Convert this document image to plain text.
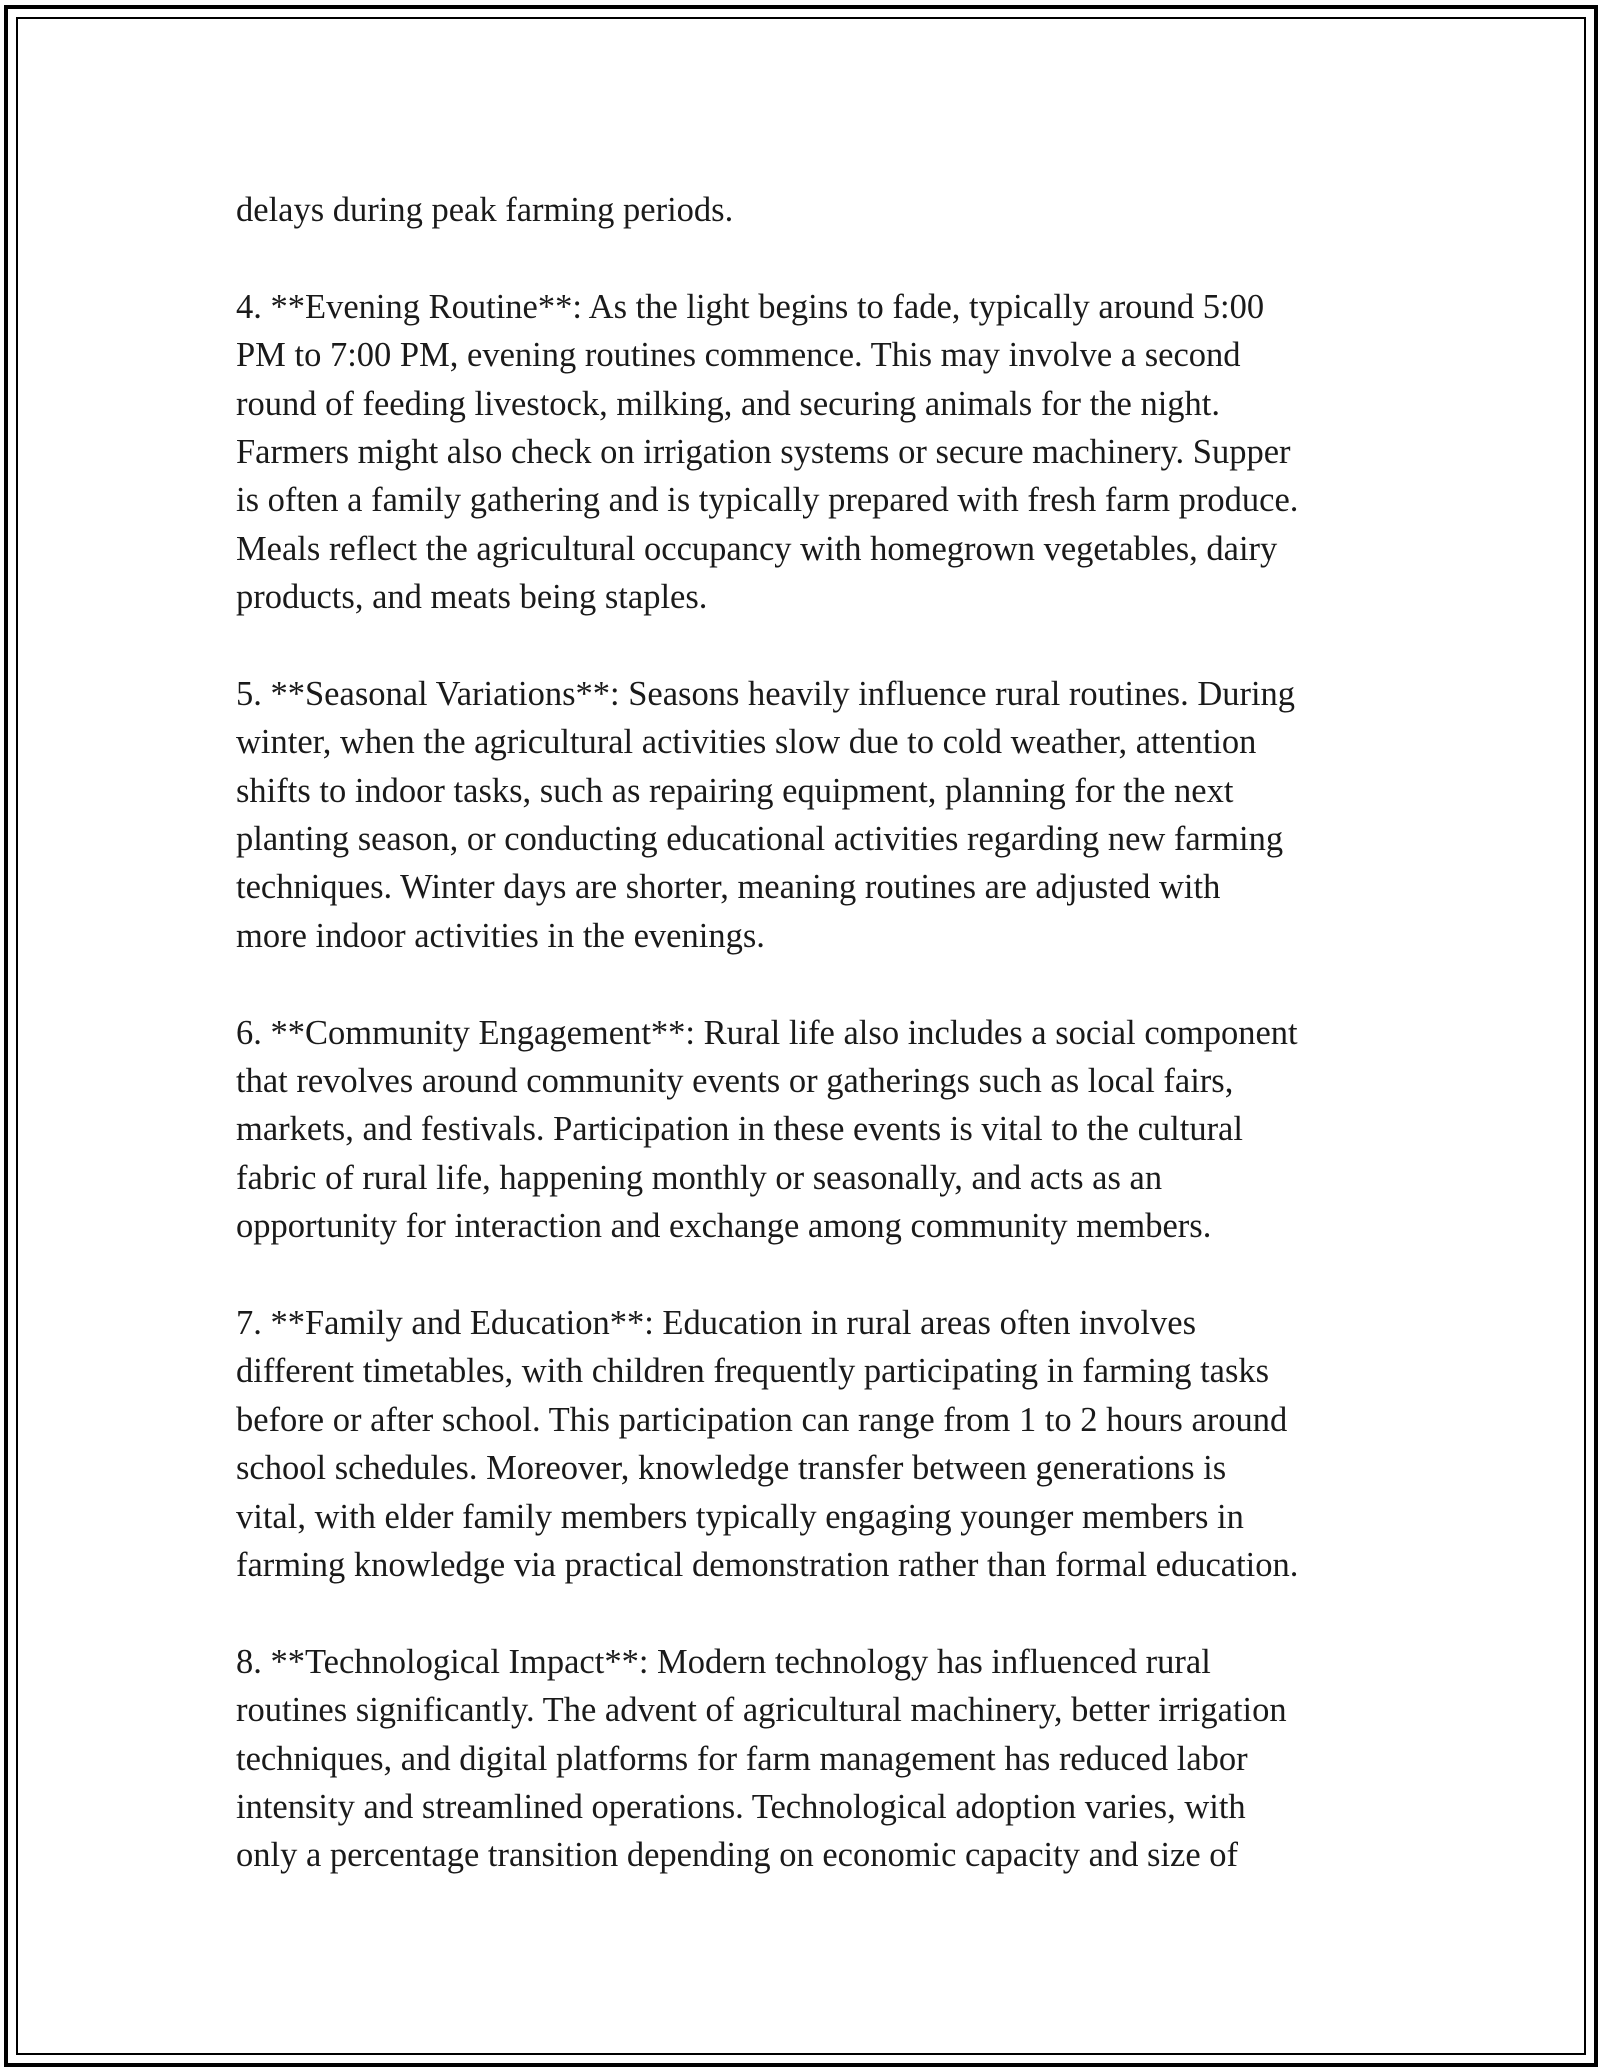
delays during peak farming periods.
4. **Evening Routine**: As the light begins to fade, typically around 5:00
PM to 7:00 PM, evening routines commence. This may involve a second
round of feeding livestock, milking, and securing animals for the night.
Farmers might also check on irrigation systems or secure machinery. Supper
is often a family gathering and is typically prepared with fresh farm produce.
Meals reflect the agricultural occupancy with homegrown vegetables, dairy
products, and meats being staples.
5. **Seasonal Variations**: Seasons heavily influence rural routines. During
winter, when the agricultural activities slow due to cold weather, attention
shifts to indoor tasks, such as repairing equipment, planning for the next
planting season, or conducting educational activities regarding new farming
techniques. Winter days are shorter, meaning routines are adjusted with
more indoor activities in the evenings.
6. **Community Engagement**: Rural life also includes a social component
that revolves around community events or gatherings such as local fairs,
markets, and festivals. Participation in these events is vital to the cultural
fabric of rural life, happening monthly or seasonally, and acts as an
opportunity for interaction and exchange among community members.
7. **Family and Education**: Education in rural areas often involves
different timetables, with children frequently participating in farming tasks
before or after school. This participation can range from 1 to 2 hours around
school schedules. Moreover, knowledge transfer between generations is
vital, with elder family members typically engaging younger members in
farming knowledge via practical demonstration rather than formal education.
8. **Technological Impact**: Modern technology has influenced rural
routines significantly. The advent of agricultural machinery, better irrigation
techniques, and digital platforms for farm management has reduced labor
intensity and streamlined operations. Technological adoption varies, with
only a percentage transition depending on economic capacity and size of
